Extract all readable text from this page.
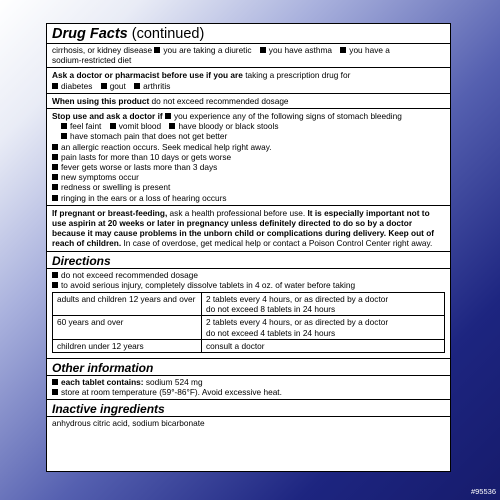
Drug Facts (continued)
cirrhosis, or kidney disease you are taking a diuretic you have asthma you have a
sodium-restricted diet
Ask a doctor or pharmacist before use if you are taking a prescription drug for
diabetes gout arthritis
When using this product do not exceed recommended dosage
Stop use and ask a doctor if you experience any of the following signs of stomach bleeding
feel faint vomit blood have bloody or black stools
have stomach pain that does not get better
an allergic reaction occurs. Seek medical help right away.
pain lasts for more than 10 days or gets worse
fever gets worse or lasts more than 3 days
new symptoms occur
redness or swelling is present
ringing in the ears or a loss of hearing occurs
If pregnant or breast-feeding, ask a health professional before use. It is especially important not to use aspirin at 20 weeks or later in pregnancy unless definitely directed to do so by a doctor because it may cause problems in the unborn child or complications during delivery. Keep out of reach of children. In case of overdose, get medical help or contact a Poison Control Center right away.
Directions
do not exceed recommended dosage
to avoid serious injury, completely dissolve tablets in 4 oz. of water before taking
adults and children 12 years and over	2 tablets every 4 hours, or as directed by a doctor
do not exceed 8 tablets in 24 hours

60 years and over	2 tablets every 4 hours, or as directed by a doctor
do not exceed 4 tablets in 24 hours

children under 12 years	consult a doctor
Other information
each tablet contains: sodium 524 mg
store at room temperature (59°-86°F). Avoid excessive heat.
Inactive ingredients
anhydrous citric acid, sodium bicarbonate
#95536
